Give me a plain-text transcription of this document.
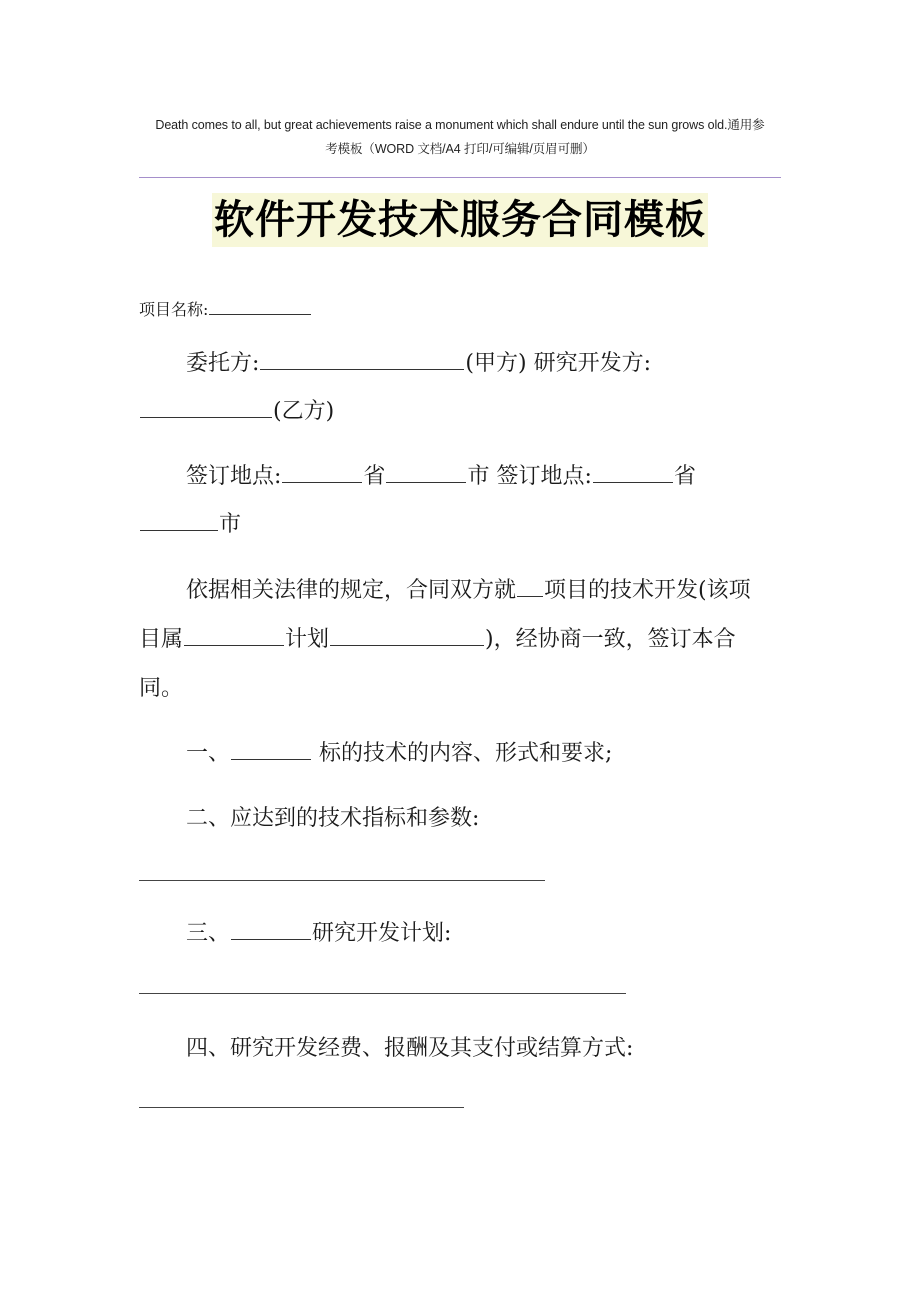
Death comes to all, but great achievements raise a monument which shall endure until the sun grows old.通用参
考模板（WORD 文档/A4 打印/可编辑/页眉可删）
软件开发技术服务合同模板
项目名称:
委托方:	(甲方) 研究开发方:
(乙方)
签订地点:	省	市 签订地点:	省
市
依据相关法律的规定，合同双方就 项目的技术开发(该项
目属	计划	)，经协商一致，签订本合
同。
一、	标的技术的内容、形式和要求;
二、应达到的技术指标和参数:
三、	研究开发计划:
四、研究开发经费、报酬及其支付或结算方式:
